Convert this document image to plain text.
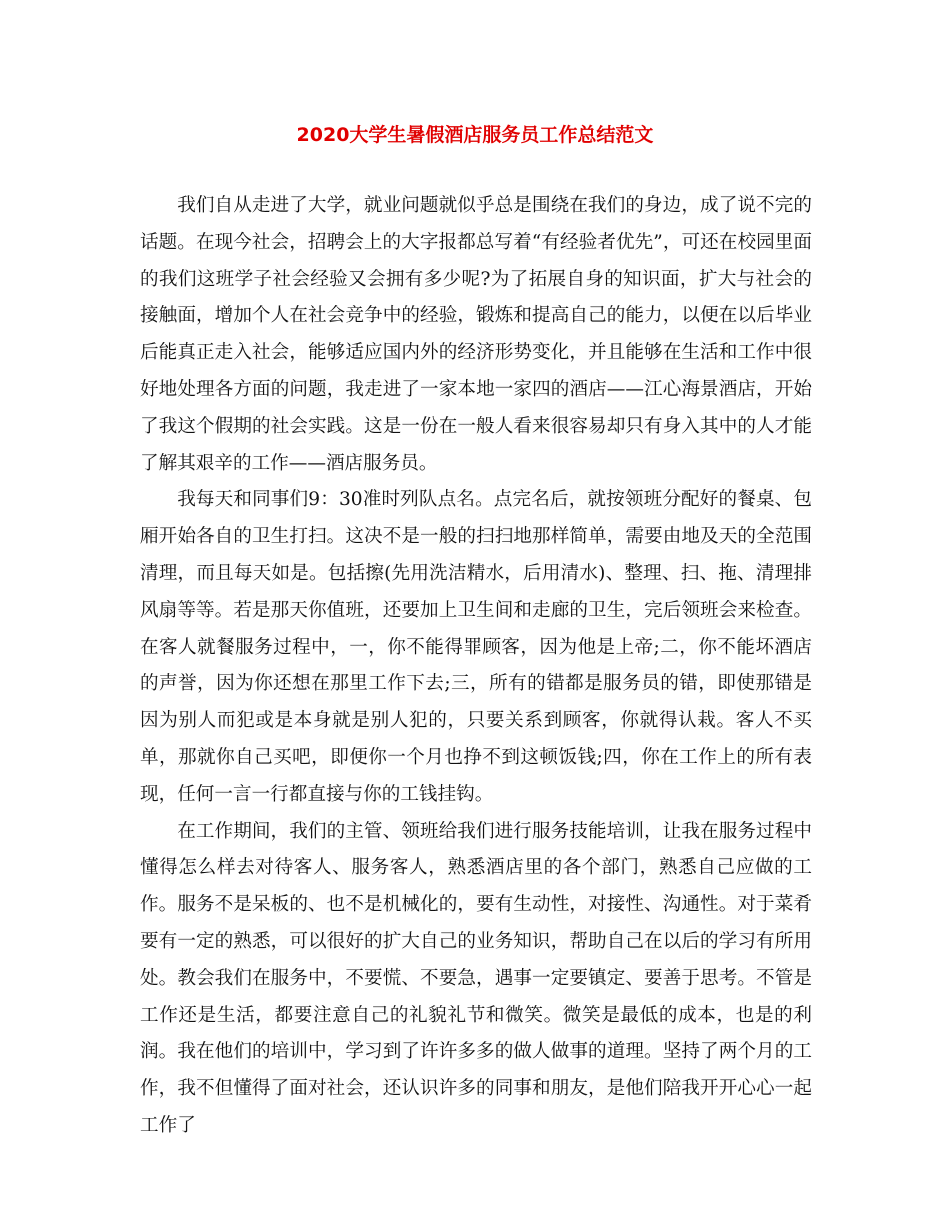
2020大学生暑假酒店服务员工作总结范文

我们自从走进了大学，就业问题就似乎总是围绕在我们的身边，成了说不完的话题。在现今社会，招聘会上的大字报都总写着“有经验者优先”，可还在校园里面的我们这班学子社会经验又会拥有多少呢?为了拓展自身的知识面，扩大与社会的接触面，增加个人在社会竞争中的经验，锻炼和提高自己的能力，以便在以后毕业后能真正走入社会，能够适应国内外的经济形势变化，并且能够在生活和工作中很好地处理各方面的问题，我走进了一家本地一家四的酒店——江心海景酒店，开始了我这个假期的社会实践。这是一份在一般人看来很容易却只有身入其中的人才能了解其艰辛的工作——酒店服务员。

我每天和同事们9：30准时列队点名。点完名后，就按领班分配好的餐桌、包厢开始各自的卫生打扫。这决不是一般的扫扫地那样简单，需要由地及天的全范围清理，而且每天如是。包括擦(先用洗洁精水，后用清水)、整理、扫、拖、清理排风扇等等。若是那天你值班，还要加上卫生间和走廊的卫生，完后领班会来检查。在客人就餐服务过程中，一，你不能得罪顾客，因为他是上帝;二，你不能坏酒店的声誉，因为你还想在那里工作下去;三，所有的错都是服务员的错，即使那错是因为别人而犯或是本身就是别人犯的，只要关系到顾客，你就得认栽。客人不买单，那就你自己买吧，即便你一个月也挣不到这顿饭钱;四，你在工作上的所有表现，任何一言一行都直接与你的工钱挂钩。

在工作期间，我们的主管、领班给我们进行服务技能培训，让我在服务过程中懂得怎么样去对待客人、服务客人，熟悉酒店里的各个部门，熟悉自己应做的工作。服务不是呆板的、也不是机械化的，要有生动性，对接性、沟通性。对于菜肴要有一定的熟悉，可以很好的扩大自己的业务知识，帮助自己在以后的学习有所用处。教会我们在服务中，不要慌、不要急，遇事一定要镇定、要善于思考。不管是工作还是生活，都要注意自己的礼貌礼节和微笑。微笑是最低的成本，也是的利润。我在他们的培训中，学习到了许许多多的做人做事的道理。坚持了两个月的工作，我不但懂得了面对社会，还认识许多的同事和朋友，是他们陪我开开心心一起工作了
